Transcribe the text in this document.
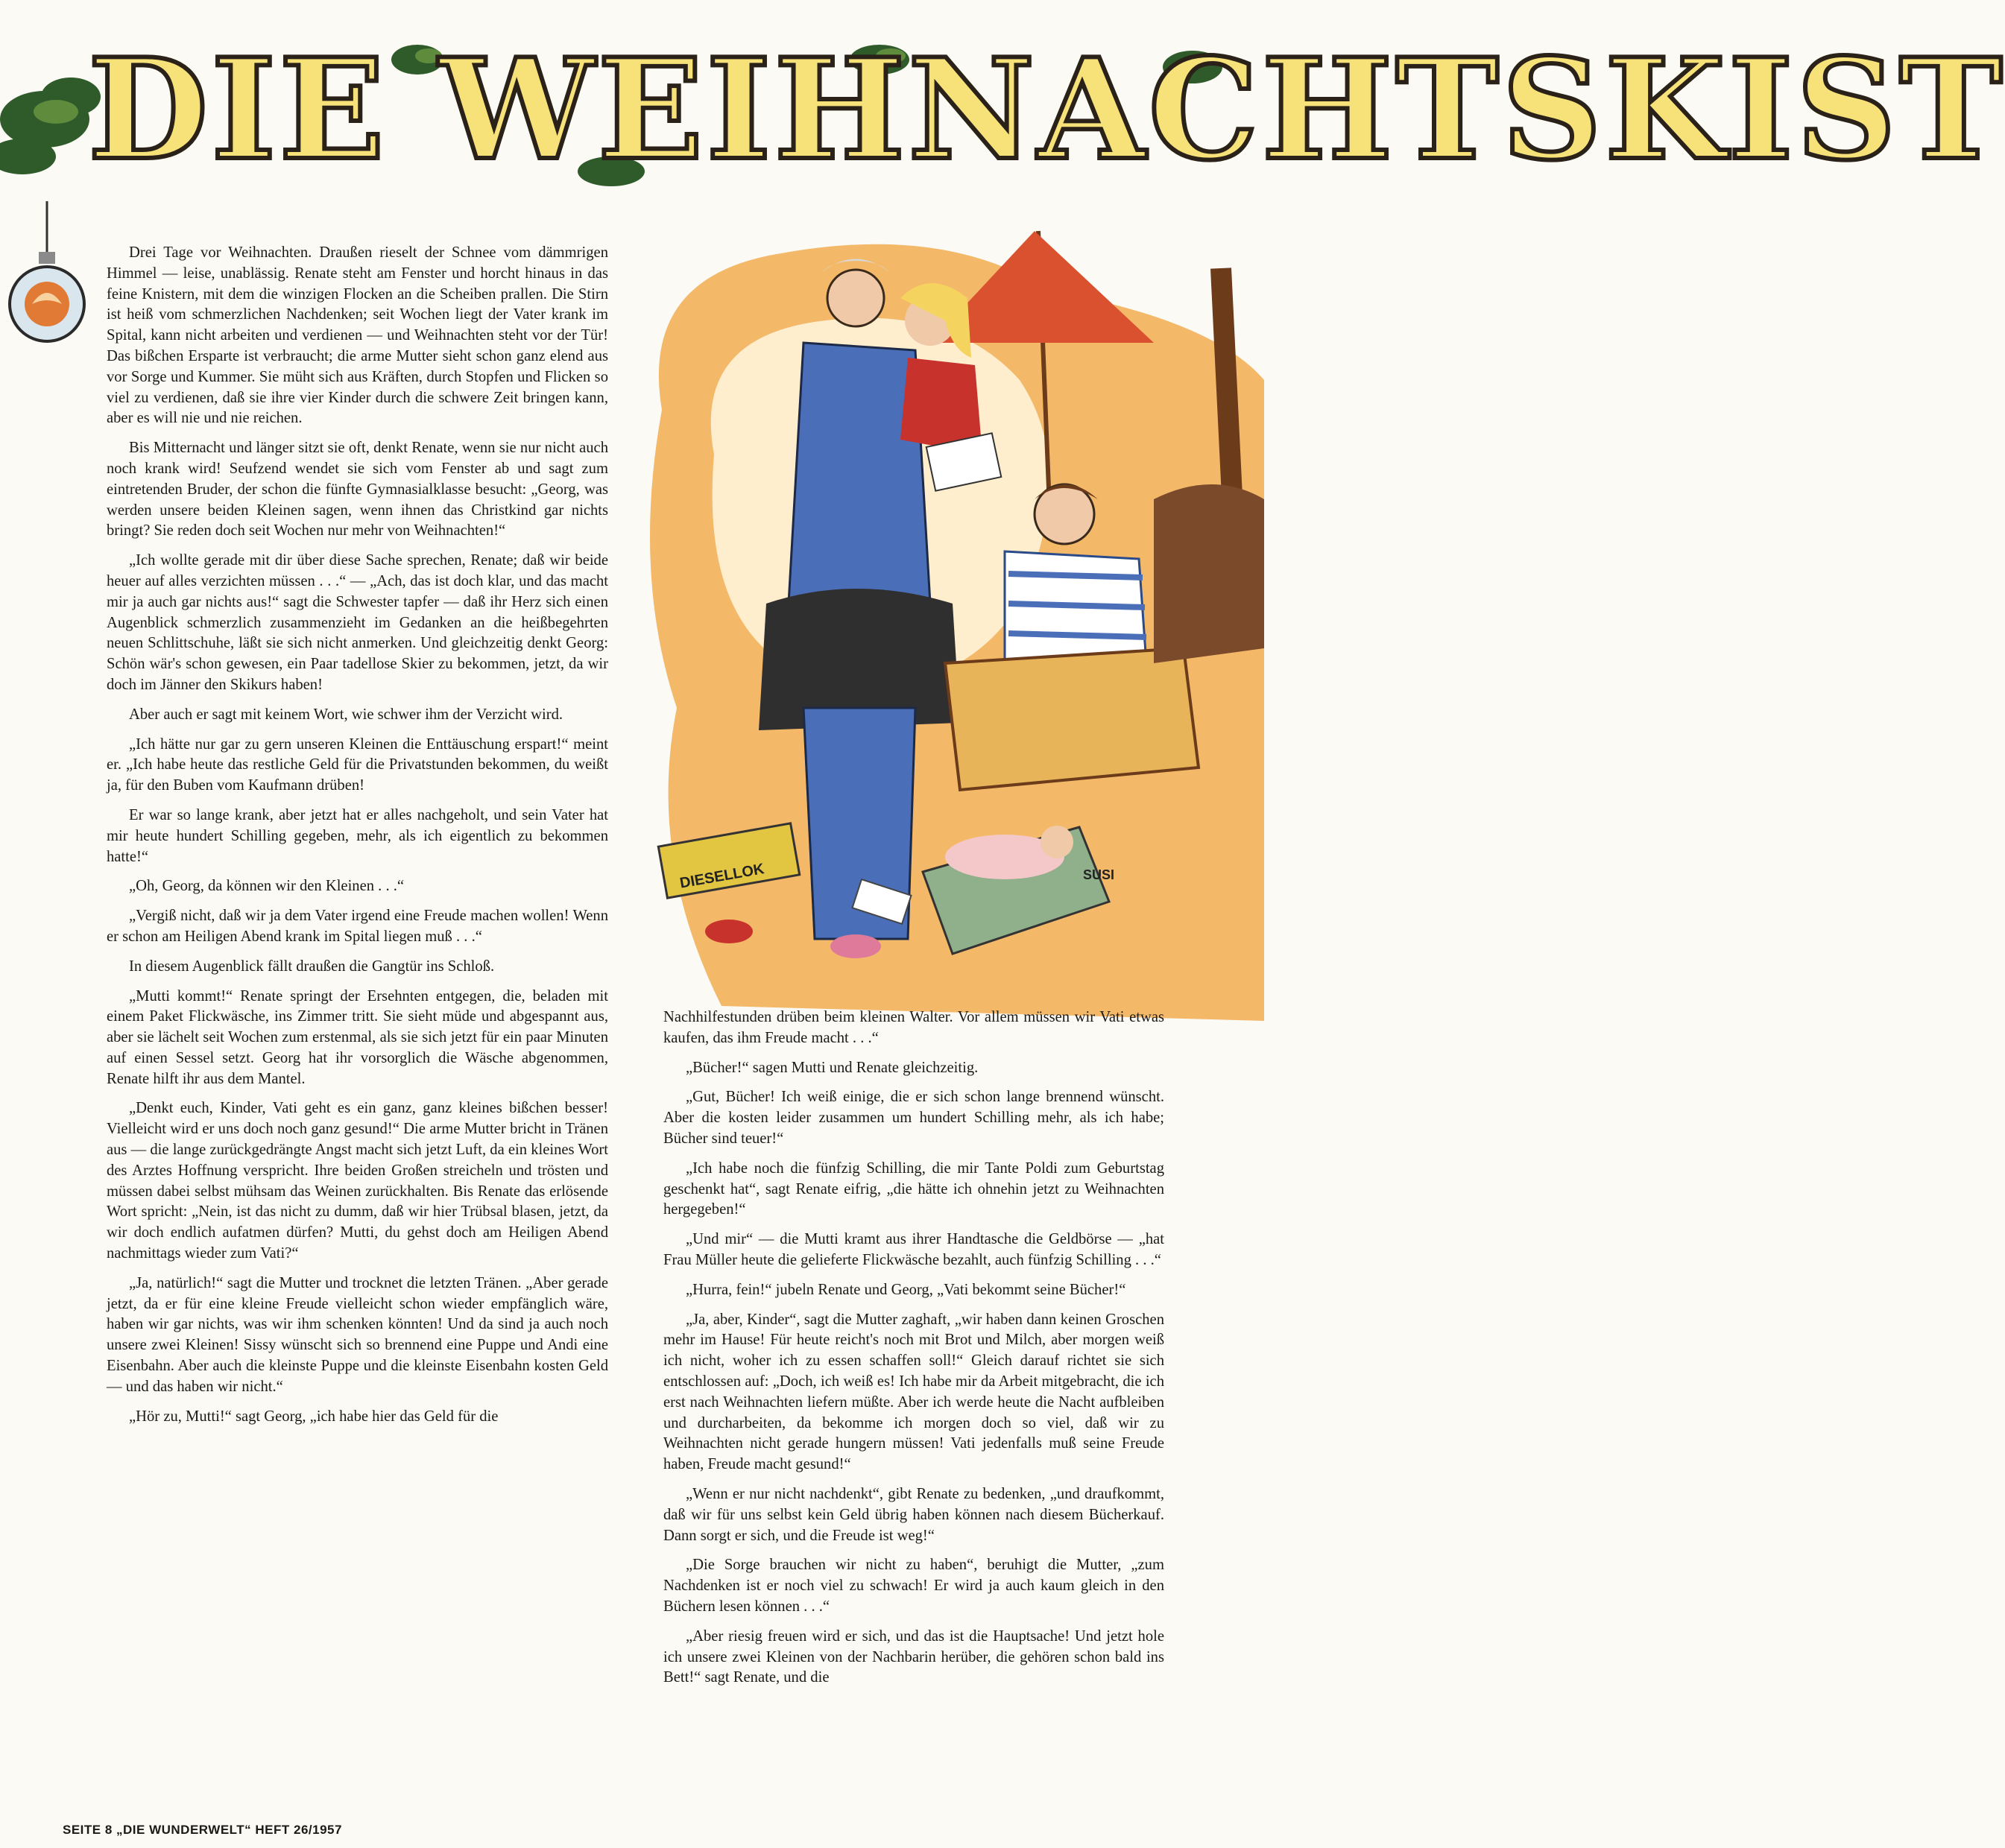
DIE WEIHNACHTSKIST
DIESELLOK	SUSI

Drei Tage vor Weihnachten. Draußen rieselt der Schnee vom dämmrigen Himmel — leise, unablässig. Renate steht am Fenster und horcht hinaus in das feine Knistern, mit dem die winzigen Flocken an die Scheiben prallen. Die Stirn ist heiß vom schmerzlichen Nachdenken; seit Wochen liegt der Vater krank im Spital, kann nicht arbeiten und verdienen — und Weihnachten steht vor der Tür! Das bißchen Ersparte ist verbraucht; die arme Mutter sieht schon ganz elend aus vor Sorge und Kummer. Sie müht sich aus Kräften, durch Stopfen und Flicken so viel zu verdienen, daß sie ihre vier Kinder durch die schwere Zeit bringen kann, aber es will nie und nie reichen.

Bis Mitternacht und länger sitzt sie oft, denkt Renate, wenn sie nur nicht auch noch krank wird! Seufzend wendet sie sich vom Fenster ab und sagt zum eintretenden Bruder, der schon die fünfte Gymnasialklasse besucht: „Georg, was werden unsere beiden Kleinen sagen, wenn ihnen das Christkind gar nichts bringt? Sie reden doch seit Wochen nur mehr von Weihnachten!“

„Ich wollte gerade mit dir über diese Sache sprechen, Renate; daß wir beide heuer auf alles verzichten müssen . . .“ — „Ach, das ist doch klar, und das macht mir ja auch gar nichts aus!“ sagt die Schwester tapfer — daß ihr Herz sich einen Augenblick schmerzlich zusammenzieht im Gedanken an die heißbegehrten neuen Schlittschuhe, läßt sie sich nicht anmerken. Und gleichzeitig denkt Georg: Schön wär's schon gewesen, ein Paar tadellose Skier zu bekommen, jetzt, da wir doch im Jänner den Skikurs haben!

Aber auch er sagt mit keinem Wort, wie schwer ihm der Verzicht wird.

„Ich hätte nur gar zu gern unseren Kleinen die Enttäuschung erspart!“ meint er. „Ich habe heute das restliche Geld für die Privatstunden bekommen, du weißt ja, für den Buben vom Kaufmann drüben!

Er war so lange krank, aber jetzt hat er alles nachgeholt, und sein Vater hat mir heute hundert Schilling gegeben, mehr, als ich eigentlich zu bekommen hatte!“

„Oh, Georg, da können wir den Kleinen . . .“

„Vergiß nicht, daß wir ja dem Vater irgend eine Freude machen wollen! Wenn er schon am Heiligen Abend krank im Spital liegen muß . . .“

In diesem Augenblick fällt draußen die Gangtür ins Schloß.

„Mutti kommt!“ Renate springt der Ersehnten entgegen, die, beladen mit einem Paket Flickwäsche, ins Zimmer tritt. Sie sieht müde und abgespannt aus, aber sie lächelt seit Wochen zum erstenmal, als sie sich jetzt für ein paar Minuten auf einen Sessel setzt. Georg hat ihr vorsorglich die Wäsche abgenommen, Renate hilft ihr aus dem Mantel.

„Denkt euch, Kinder, Vati geht es ein ganz, ganz kleines bißchen besser! Vielleicht wird er uns doch noch ganz gesund!“ Die arme Mutter bricht in Tränen aus — die lange zurückgedrängte Angst macht sich jetzt Luft, da ein kleines Wort des Arztes Hoffnung verspricht. Ihre beiden Großen streicheln und trösten und müssen dabei selbst mühsam das Weinen zurückhalten. Bis Renate das erlösende Wort spricht: „Nein, ist das nicht zu dumm, daß wir hier Trübsal blasen, jetzt, da wir doch endlich aufatmen dürfen? Mutti, du gehst doch am Heiligen Abend nachmittags wieder zum Vati?“

„Ja, natürlich!“ sagt die Mutter und trocknet die letzten Tränen. „Aber gerade jetzt, da er für eine kleine Freude vielleicht schon wieder empfänglich wäre, haben wir gar nichts, was wir ihm schenken könnten! Und da sind ja auch noch unsere zwei Kleinen! Sissy wünscht sich so brennend eine Puppe und Andi eine Eisenbahn. Aber auch die kleinste Puppe und die kleinste Eisenbahn kosten Geld — und das haben wir nicht.“

„Hör zu, Mutti!“ sagt Georg, „ich habe hier das Geld für die

Nachhilfestunden drüben beim kleinen Walter. Vor allem müssen wir Vati etwas kaufen, das ihm Freude macht . . .“

„Bücher!“ sagen Mutti und Renate gleichzeitig.

„Gut, Bücher! Ich weiß einige, die er sich schon lange brennend wünscht. Aber die kosten leider zusammen um hundert Schilling mehr, als ich habe; Bücher sind teuer!“

„Ich habe noch die fünfzig Schilling, die mir Tante Poldi zum Geburtstag geschenkt hat“, sagt Renate eifrig, „die hätte ich ohnehin jetzt zu Weihnachten hergegeben!“

„Und mir“ — die Mutti kramt aus ihrer Handtasche die Geldbörse — „hat Frau Müller heute die gelieferte Flickwäsche bezahlt, auch fünfzig Schilling . . .“

„Hurra, fein!“ jubeln Renate und Georg, „Vati bekommt seine Bücher!“

„Ja, aber, Kinder“, sagt die Mutter zaghaft, „wir haben dann keinen Groschen mehr im Hause! Für heute reicht's noch mit Brot und Milch, aber morgen weiß ich nicht, woher ich zu essen schaffen soll!“ Gleich darauf richtet sie sich entschlossen auf: „Doch, ich weiß es! Ich habe mir da Arbeit mitgebracht, die ich erst nach Weihnachten liefern müßte. Aber ich werde heute die Nacht aufbleiben und durcharbeiten, da bekomme ich morgen doch so viel, daß wir zu Weihnachten nicht gerade hungern müssen! Vati jedenfalls muß seine Freude haben, Freude macht gesund!“

„Wenn er nur nicht nachdenkt“, gibt Renate zu bedenken, „und draufkommt, daß wir für uns selbst kein Geld übrig haben können nach diesem Bücherkauf. Dann sorgt er sich, und die Freude ist weg!“

„Die Sorge brauchen wir nicht zu haben“, beruhigt die Mutter, „zum Nachdenken ist er noch viel zu schwach! Er wird ja auch kaum gleich in den Büchern lesen können . . .“

„Aber riesig freuen wird er sich, und das ist die Hauptsache! Und jetzt hole ich unsere zwei Kleinen von der Nachbarin herüber, die gehören schon bald ins Bett!“ sagt Renate, und die

SEITE 8 „DIE WUNDERWELT“ HEFT 26/1957
